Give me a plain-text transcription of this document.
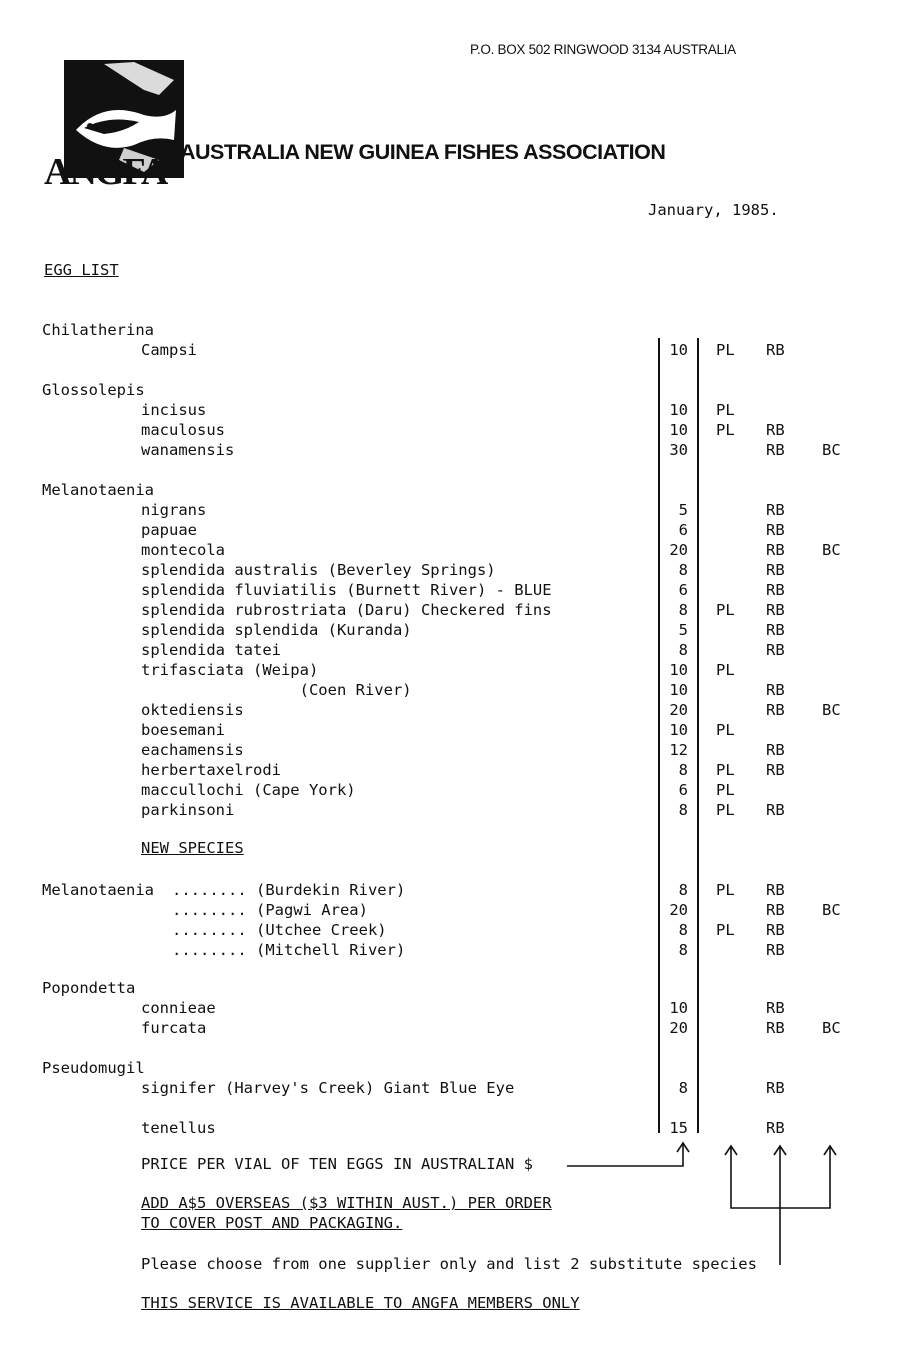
P.O. BOX 502 RINGWOOD 3134 AUSTRALIA

ANGFA AUSTRALIA NEW GUINEA FISHES ASSOCIATION
January, 1985.
EGG LIST
Chilatherina
Campsi	10 PL RB
Glossolepis
incisus	10 PL
maculosus	10 PL RB
wanamensis	30	RB BC
Melanotaenia
nigrans	5	RB
papuae	6	RB
montecola	20	RB BC
splendida australis (Beverley Springs)	8	RB
splendida fluviatilis (Burnett River) - BLUE	6	RB
splendida rubrostriata (Daru) Checkered fins	8 PL RB
splendida splendida (Kuranda)	5	RB
splendida tatei	8	RB
trifasciata (Weipa)	10 PL
(Coen River)	10	RB
oktediensis	20	RB BC
boesemani	10 PL
eachamensis	12	RB
herbertaxelrodi	8 PL RB
maccullochi (Cape York)	6 PL
parkinsoni	8 PL RB
NEW SPECIES
........ (Burdekin River)	8 PL RB
Melanotaenia
........ (Pagwi Area)	20	RB BC
........ (Utchee Creek)	8 PL RB
........ (Mitchell River)	8	RB
Popondetta
connieae	10	RB
furcata	20	RB BC
Pseudomugil
signifer (Harvey's Creek) Giant Blue Eye	8	RB
tenellus	15	RB
PRICE PER VIAL OF TEN EGGS IN AUSTRALIAN $
ADD A$5 OVERSEAS ($3 WITHIN AUST.) PER ORDER
TO COVER POST AND PACKAGING.
Please choose from one supplier only and list 2 substitute species
THIS SERVICE IS AVAILABLE TO ANGFA MEMBERS ONLY
